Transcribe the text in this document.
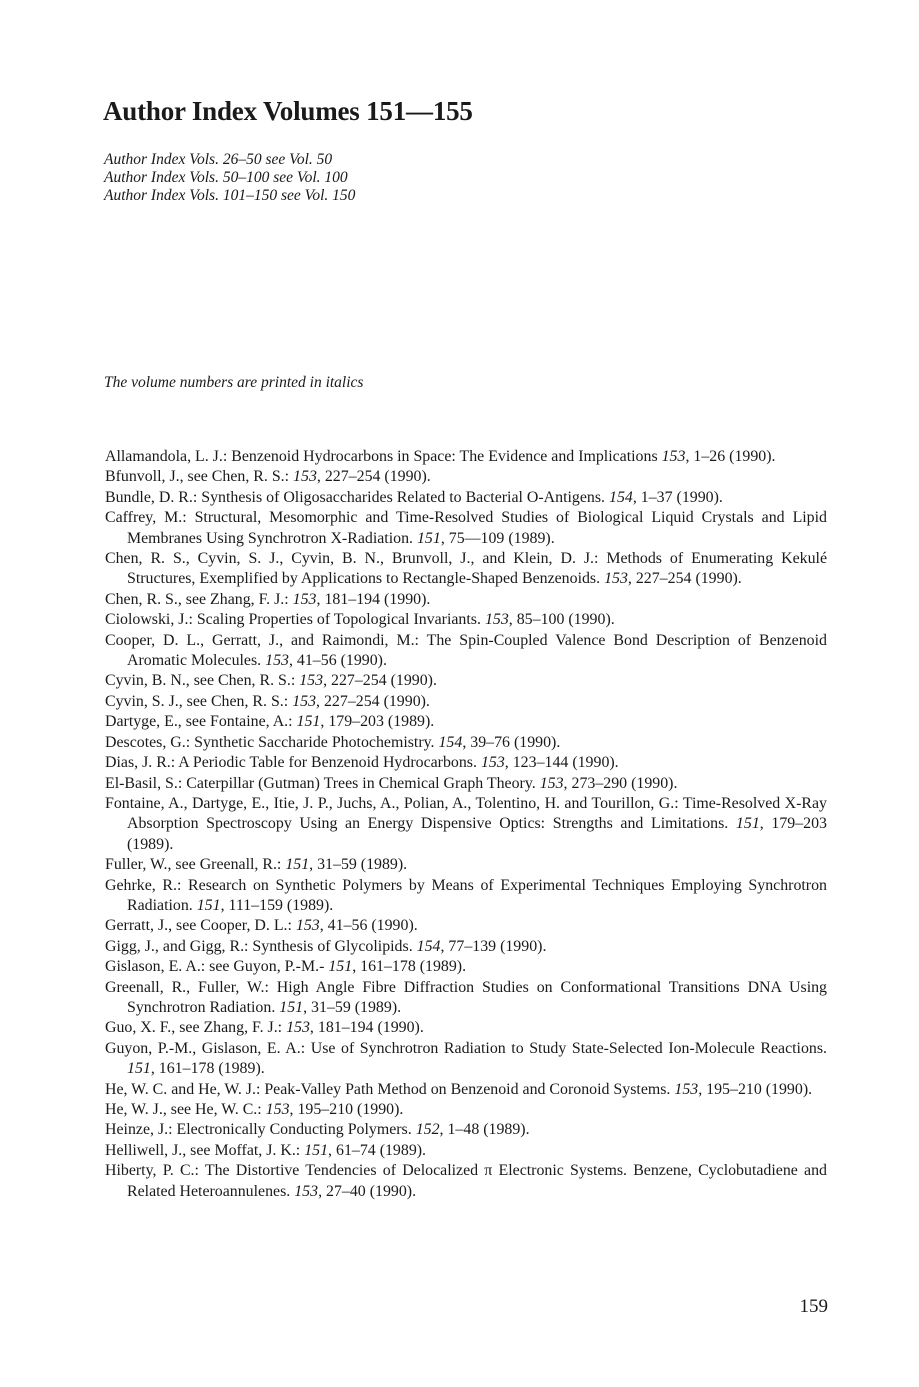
Author Index Volumes 151—155
Author Index Vols. 26–50 see Vol. 50
Author Index Vols. 50–100 see Vol. 100
Author Index Vols. 101–150 see Vol. 150
The volume numbers are printed in italics

Allamandola, L. J.: Benzenoid Hydrocarbons in Space: The Evidence and Implications 153, 1–26 (1990).

Bfunvoll, J., see Chen, R. S.: 153, 227–254 (1990).

Bundle, D. R.: Synthesis of Oligosaccharides Related to Bacterial O-Antigens. 154, 1–37 (1990).

Caffrey, M.: Structural, Mesomorphic and Time-Resolved Studies of Biological Liquid Crystals and Lipid Membranes Using Synchrotron X-Radiation. 151, 75—109 (1989).

Chen, R. S., Cyvin, S. J., Cyvin, B. N., Brunvoll, J., and Klein, D. J.: Methods of Enumerating Kekulé Structures, Exemplified by Applications to Rectangle-Shaped Benzenoids. 153, 227–254 (1990).

Chen, R. S., see Zhang, F. J.: 153, 181–194 (1990).

Ciolowski, J.: Scaling Properties of Topological Invariants. 153, 85–100 (1990).

Cooper, D. L., Gerratt, J., and Raimondi, M.: The Spin-Coupled Valence Bond Description of Benzenoid Aromatic Molecules. 153, 41–56 (1990).

Cyvin, B. N., see Chen, R. S.: 153, 227–254 (1990).

Cyvin, S. J., see Chen, R. S.: 153, 227–254 (1990).

Dartyge, E., see Fontaine, A.: 151, 179–203 (1989).

Descotes, G.: Synthetic Saccharide Photochemistry. 154, 39–76 (1990).

Dias, J. R.: A Periodic Table for Benzenoid Hydrocarbons. 153, 123–144 (1990).

El-Basil, S.: Caterpillar (Gutman) Trees in Chemical Graph Theory. 153, 273–290 (1990).

Fontaine, A., Dartyge, E., Itie, J. P., Juchs, A., Polian, A., Tolentino, H. and Tourillon, G.: Time-Resolved X-Ray Absorption Spectroscopy Using an Energy Dispensive Optics: Strengths and Limitations. 151, 179–203 (1989).

Fuller, W., see Greenall, R.: 151, 31–59 (1989).

Gehrke, R.: Research on Synthetic Polymers by Means of Experimental Techniques Employing Synchrotron Radiation. 151, 111–159 (1989).

Gerratt, J., see Cooper, D. L.: 153, 41–56 (1990).

Gigg, J., and Gigg, R.: Synthesis of Glycolipids. 154, 77–139 (1990).

Gislason, E. A.: see Guyon, P.-M.- 151, 161–178 (1989).

Greenall, R., Fuller, W.: High Angle Fibre Diffraction Studies on Conformational Transitions DNA Using Synchrotron Radiation. 151, 31–59 (1989).

Guo, X. F., see Zhang, F. J.: 153, 181–194 (1990).

Guyon, P.-M., Gislason, E. A.: Use of Synchrotron Radiation to Study State-Selected Ion-Molecule Reactions. 151, 161–178 (1989).

He, W. C. and He, W. J.: Peak-Valley Path Method on Benzenoid and Coronoid Systems. 153, 195–210 (1990).

He, W. J., see He, W. C.: 153, 195–210 (1990).

Heinze, J.: Electronically Conducting Polymers. 152, 1–48 (1989).

Helliwell, J., see Moffat, J. K.: 151, 61–74 (1989).

Hiberty, P. C.: The Distortive Tendencies of Delocalized π Electronic Systems. Benzene, Cyclobutadiene and Related Heteroannulenes. 153, 27–40 (1990).

159
